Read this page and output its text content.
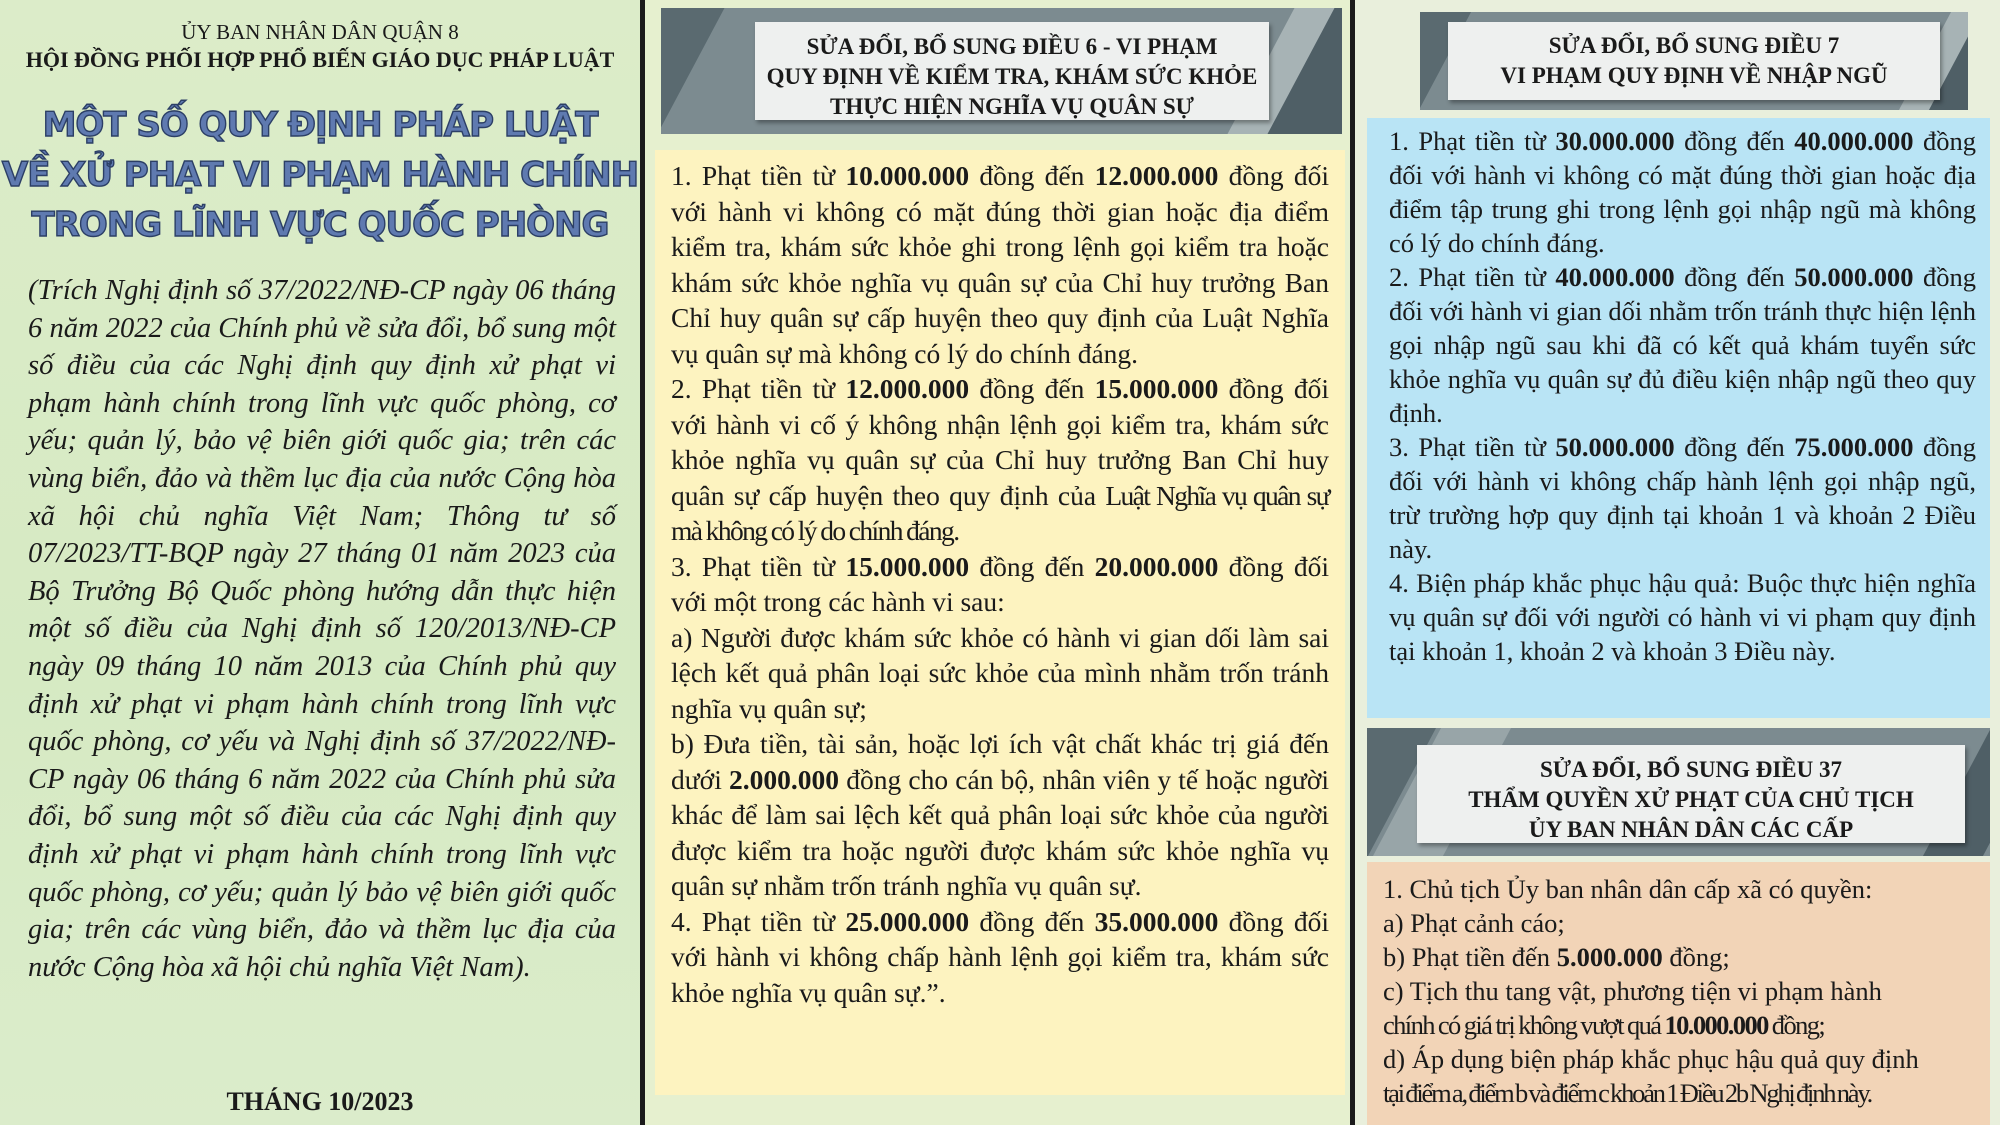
ỦY BAN NHÂN DÂN QUẬN 8
HỘI ĐỒNG PHỐI HỢP PHỔ BIẾN GIÁO DỤC PHÁP LUẬT
MỘT SỐ QUY ĐỊNH PHÁP LUẬT
VỀ XỬ PHẠT VI PHẠM HÀNH CHÍNH
TRONG LĨNH VỰC QUỐC PHÒNG
(Trích Nghị định số 37/2022/NĐ-CP ngày 06 tháng 6 năm 2022 của Chính phủ về sửa đổi, bổ sung một số điều của các Nghị định quy định xử phạt vi phạm hành chính trong lĩnh vực quốc phòng, cơ yếu; quản lý, bảo vệ biên giới quốc gia; trên các vùng biển, đảo và thềm lục địa của nước Cộng hòa xã hội chủ nghĩa Việt Nam; Thông tư số 07/2023/TT-BQP ngày 27 tháng 01 năm 2023 của Bộ Trưởng Bộ Quốc phòng hướng dẫn thực hiện một số điều của Nghị định số 120/2013/NĐ-CP ngày 09 tháng 10 năm 2013 của Chính phủ quy định xử phạt vi phạm hành chính trong lĩnh vực quốc phòng, cơ yếu và Nghị định số 37/2022/NĐ-CP ngày 06 tháng 6 năm 2022 của Chính phủ sửa đổi, bổ sung một số điều của các Nghị định quy định xử phạt vi phạm hành chính trong lĩnh vực quốc phòng, cơ yếu; quản lý bảo vệ biên giới quốc gia; trên các vùng biển, đảo và thềm lục địa của nước Cộng hòa xã hội chủ nghĩa Việt Nam).
THÁNG 10/2023
SỬA ĐỔI, BỔ SUNG ĐIỀU 6 - VI PHẠM
QUY ĐỊNH VỀ KIỂM TRA, KHÁM SỨC KHỎE
THỰC HIỆN NGHĨA VỤ QUÂN SỰ

1. Phạt tiền từ 10.000.000 đồng đến 12.000.000 đồng đối với hành vi không có mặt đúng thời gian hoặc địa điểm kiểm tra, khám sức khỏe ghi trong lệnh gọi kiểm tra hoặc khám sức khỏe nghĩa vụ quân sự của Chỉ huy trưởng Ban Chỉ huy quân sự cấp huyện theo quy định của Luật Nghĩa vụ quân sự mà không có lý do chính đáng.

2. Phạt tiền từ 12.000.000 đồng đến 15.000.000 đồng đối với hành vi cố ý không nhận lệnh gọi kiểm tra, khám sức khỏe nghĩa vụ quân sự của Chỉ huy trưởng Ban Chỉ huy quân sự cấp huyện theo quy định của Luật Nghĩa vụ quân sự mà không có lý do chính đáng.

3. Phạt tiền từ 15.000.000 đồng đến 20.000.000 đồng đối với một trong các hành vi sau:

a) Người được khám sức khỏe có hành vi gian dối làm sai lệch kết quả phân loại sức khỏe của mình nhằm trốn tránh nghĩa vụ quân sự;

b) Đưa tiền, tài sản, hoặc lợi ích vật chất khác trị giá đến dưới 2.000.000 đồng cho cán bộ, nhân viên y tế hoặc người khác để làm sai lệch kết quả phân loại sức khỏe của người được kiểm tra hoặc người được khám sức khỏe nghĩa vụ quân sự nhằm trốn tránh nghĩa vụ quân sự.

4. Phạt tiền từ 25.000.000 đồng đến 35.000.000 đồng đối với hành vi không chấp hành lệnh gọi kiểm tra, khám sức khỏe nghĩa vụ quân sự.”.

SỬA ĐỔI, BỔ SUNG ĐIỀU 7
VI PHẠM QUY ĐỊNH VỀ NHẬP NGŨ

1. Phạt tiền từ 30.000.000 đồng đến 40.000.000 đồng đối với hành vi không có mặt đúng thời gian hoặc địa điểm tập trung ghi trong lệnh gọi nhập ngũ mà không có lý do chính đáng.

2. Phạt tiền từ 40.000.000 đồng đến 50.000.000 đồng đối với hành vi gian dối nhằm trốn tránh thực hiện lệnh gọi nhập ngũ sau khi đã có kết quả khám tuyển sức khỏe nghĩa vụ quân sự đủ điều kiện nhập ngũ theo quy định.

3. Phạt tiền từ 50.000.000 đồng đến 75.000.000 đồng đối với hành vi không chấp hành lệnh gọi nhập ngũ, trừ trường hợp quy định tại khoản 1 và khoản 2 Điều này.

4. Biện pháp khắc phục hậu quả: Buộc thực hiện nghĩa vụ quân sự đối với người có hành vi vi phạm quy định tại khoản 1, khoản 2 và khoản 3 Điều này.

SỬA ĐỔI, BỔ SUNG ĐIỀU 37
THẨM QUYỀN XỬ PHẠT CỦA CHỦ TỊCH
ỦY BAN NHÂN DÂN CÁC CẤP

1. Chủ tịch Ủy ban nhân dân cấp xã có quyền:

a) Phạt cảnh cáo;

b) Phạt tiền đến 5.000.000 đồng;

c) Tịch thu tang vật, phương tiện vi phạm hành
chính có giá trị không vượt quá 10.000.000 đồng;

d) Áp dụng biện pháp khắc phục hậu quả quy định
tại điểm a, điểm b và điểm c khoản 1 Điều 2b Nghị định này.
